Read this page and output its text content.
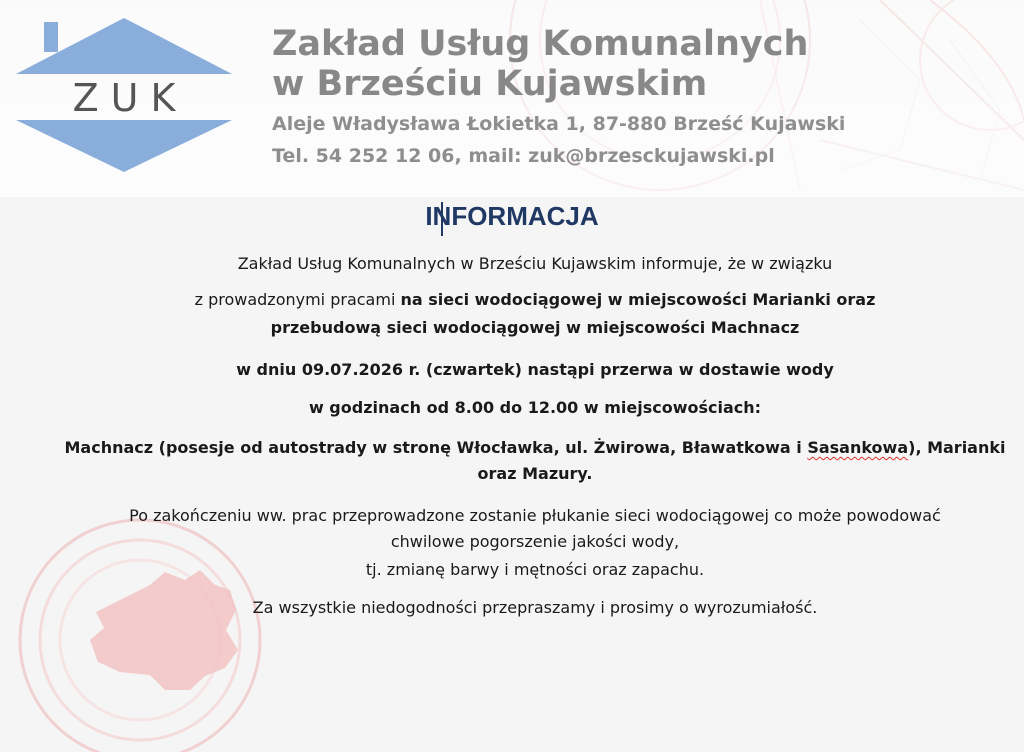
ZUK
Zakład Usług Komunalnych
w Brześciu Kujawskim
Aleje Władysława Łokietka 1, 87-880 Brześć Kujawski
Tel. 54 252 12 06, mail: zuk@brzesckujawski.pl
INFORMACJA
Zakład Usług Komunalnych w Brześciu Kujawskim informuje, że w związku
z prowadzonymi pracami na sieci wodociągowej w miejscowości Marianki oraz
przebudową sieci wodociągowej w miejscowości Machnacz
w dniu 09.07.2026 r. (czwartek) nastąpi przerwa w dostawie wody
w godzinach od 8.00 do 12.00 w miejscowościach:
Machnacz (posesje od autostrady w stronę Włocławka, ul. Żwirowa, Bławatkowa i Sasankowa), Marianki
oraz Mazury.
Po zakończeniu ww. prac przeprowadzone zostanie płukanie sieci wodociągowej co może powodować
chwilowe pogorszenie jakości wody,
tj. zmianę barwy i mętności oraz zapachu.
Za wszystkie niedogodności przepraszamy i prosimy o wyrozumiałość.
